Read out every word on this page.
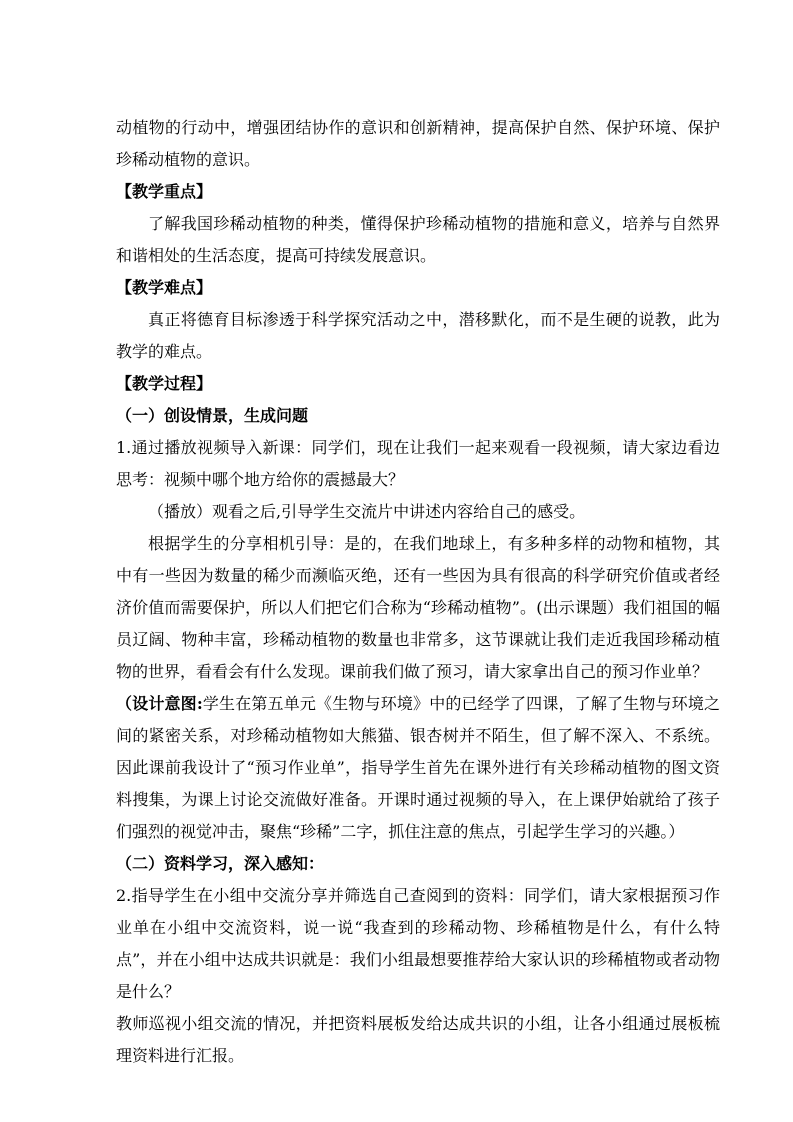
动植物的行动中，增强团结协作的意识和创新精神，提高保护自然、保护环境、保护珍稀动植物的意识。

【教学重点】

了解我国珍稀动植物的种类，懂得保护珍稀动植物的措施和意义，培养与自然界和谐相处的生活态度，提高可持续发展意识。

【教学难点】

真正将德育目标渗透于科学探究活动之中，潜移默化，而不是生硬的说教，此为教学的难点。

【教学过程】

（一）创设情景，生成问题

1.通过播放视频导入新课：同学们，现在让我们一起来观看一段视频，请大家边看边思考：视频中哪个地方给你的震撼最大？

（播放）观看之后,引导学生交流片中讲述内容给自己的感受。

根据学生的分享相机引导：是的，在我们地球上，有多种多样的动物和植物，其中有一些因为数量的稀少而濒临灭绝，还有一些因为具有很高的科学研究价值或者经济价值而需要保护，所以人们把它们合称为“珍稀动植物”。(出示课题）我们祖国的幅员辽阔、物种丰富，珍稀动植物的数量也非常多，这节课就让我们走近我国珍稀动植物的世界，看看会有什么发现。课前我们做了预习，请大家拿出自己的预习作业单？

（设计意图:学生在第五单元《生物与环境》中的已经学了四课，了解了生物与环境之间的紧密关系，对珍稀动植物如大熊猫、银杏树并不陌生，但了解不深入、不系统。因此课前我设计了“预习作业单”，指导学生首先在课外进行有关珍稀动植物的图文资料搜集，为课上讨论交流做好准备。开课时通过视频的导入，在上课伊始就给了孩子们强烈的视觉冲击，聚焦“珍稀”二字，抓住注意的焦点，引起学生学习的兴趣。）

（二）资料学习，深入感知：

2.指导学生在小组中交流分享并筛选自己查阅到的资料：同学们，请大家根据预习作业单在小组中交流资料，说一说“我查到的珍稀动物、珍稀植物是什么，有什么特点”，并在小组中达成共识就是：我们小组最想要推荐给大家认识的珍稀植物或者动物是什么？

教师巡视小组交流的情况，并把资料展板发给达成共识的小组，让各小组通过展板梳理资料进行汇报。
